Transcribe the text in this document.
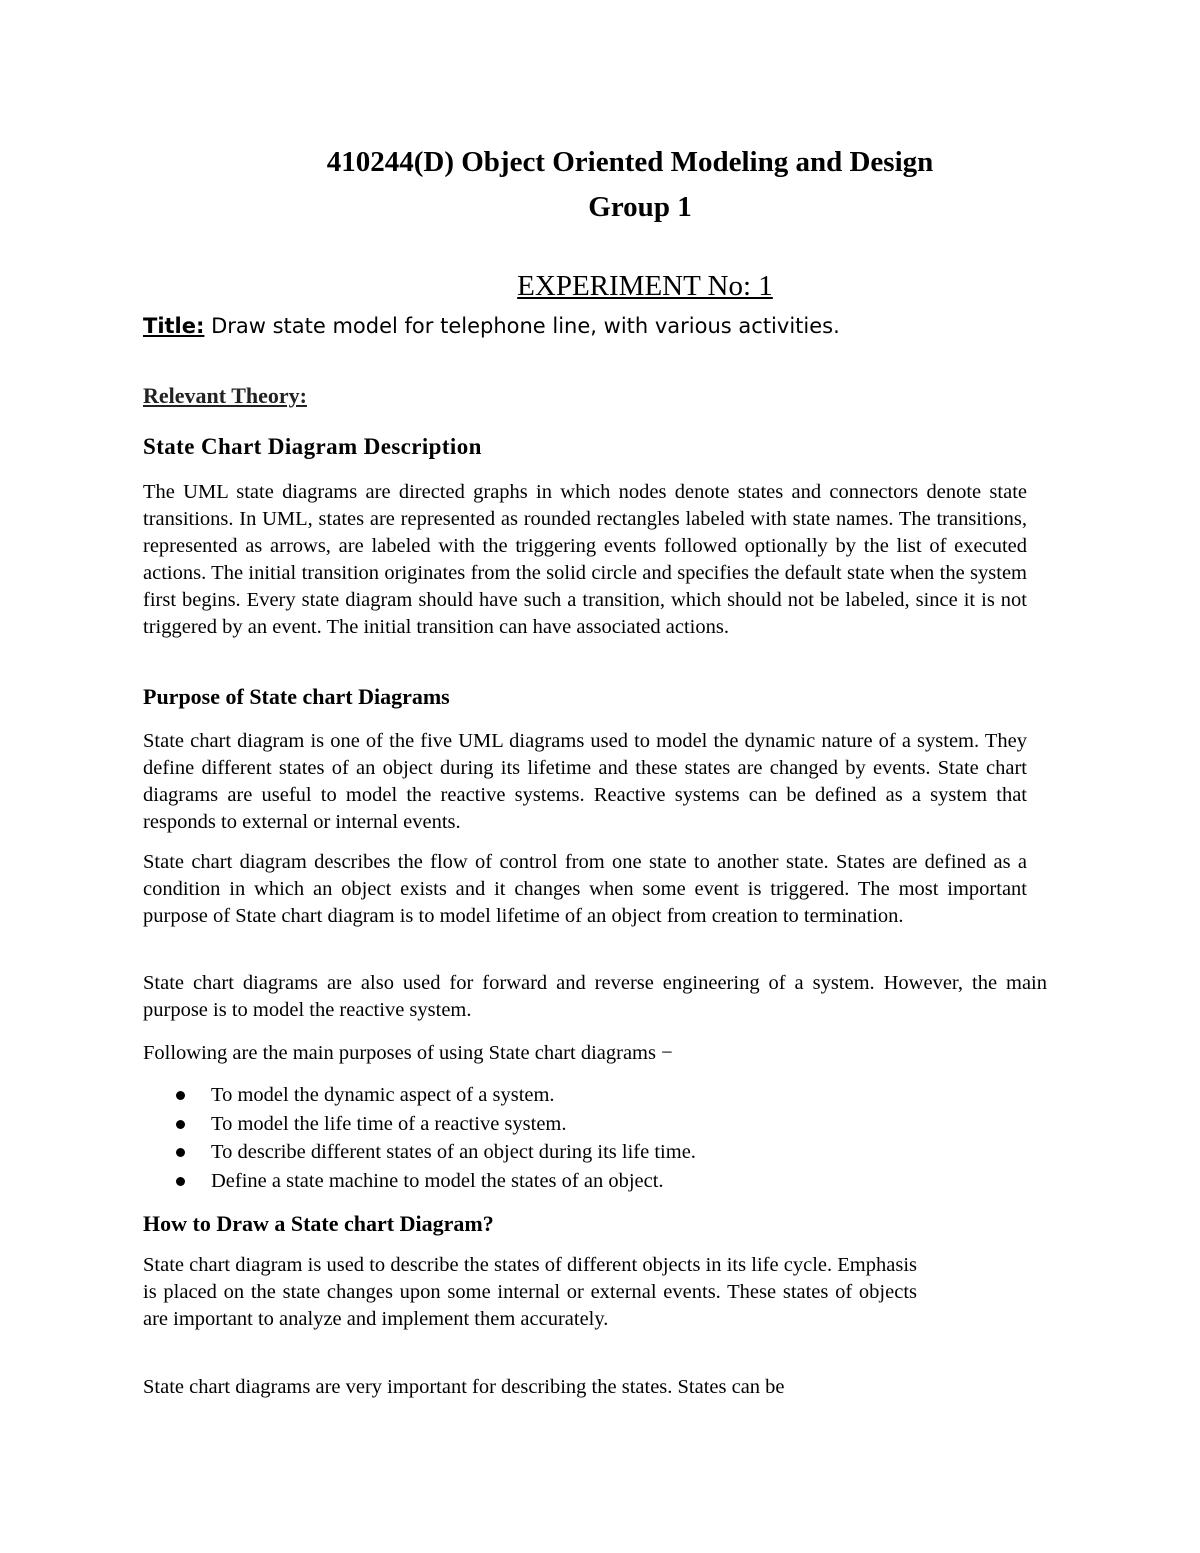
410244(D) Object Oriented Modeling and Design
Group 1
EXPERIMENT No: 1
Title: Draw state model for telephone line, with various activities.
Relevant Theory:
State Chart Diagram Description
The UML state diagrams are directed graphs in which nodes denote states and connectors denote state transitions. In UML, states are represented as rounded rectangles labeled with state names. The transitions, represented as arrows, are labeled with the triggering events followed optionally by the list of executed actions. The initial transition originates from the solid circle and specifies the default state when the system first begins. Every state diagram should have such a transition, which should not be labeled, since it is not triggered by an event. The initial transition can have associated actions.
Purpose of State chart Diagrams
State chart diagram is one of the five UML diagrams used to model the dynamic nature of a system. They define different states of an object during its lifetime and these states are changed by events. State chart diagrams are useful to model the reactive systems. Reactive systems can be defined as a system that responds to external or internal events.
State chart diagram describes the flow of control from one state to another state. States are defined as a condition in which an object exists and it changes when some event is triggered. The most important purpose of State chart diagram is to model lifetime of an object from creation to termination.
State chart diagrams are also used for forward and reverse engineering of a system. However, the main purpose is to model the reactive system.
Following are the main purposes of using State chart diagrams −
To model the dynamic aspect of a system.
To model the life time of a reactive system.
To describe different states of an object during its life time.
Define a state machine to model the states of an object.
How to Draw a State chart Diagram?
State chart diagram is used to describe the states of different objects in its life cycle. Emphasis is placed on the state changes upon some internal or external events. These states of objects are important to analyze and implement them accurately.
State chart diagrams are very important for describing the states. States can be
